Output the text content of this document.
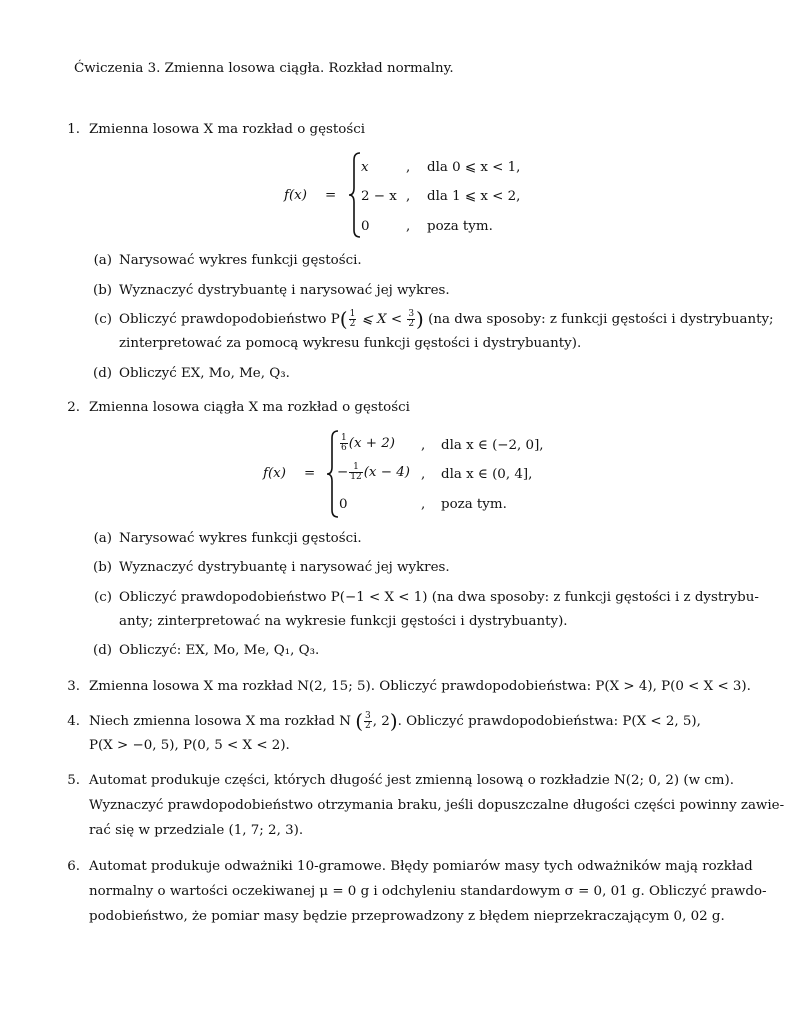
Ćwiczenia 3. Zmienna losowa ciągła. Rozkład normalny.
1. Zmienna losowa X ma rozkład o gęstości
f(x) =
x	, dla 0 ⩽ x < 1,
2 − x , dla 1 ⩽ x < 2,
0	, poza tym.
(a) Narysować wykres funkcji gęstości.
(b) Wyznaczyć dystrybuantę i narysować jej wykres.
(c) Obliczyć prawdopodobieństwo $P( \frac{1}{2}$ ⩽ $X < \frac{3}{2}$ ) (na dwa sposoby: z funkcji gęstości i dystrybuanty;
zinterpretować za pomocą wykresu funkcji gęstości i dystrybuanty).
(d) Obliczyć EX, Mo, Me, Q₃.
2. Zmienna losowa ciągła X ma rozkład o gęstości
f(x) =
$\frac{1}{6} (x + 2)$ , dla x ∈ (−2, 0],
− $\frac{1}{12} (x - 4)$ , dla x ∈ (0, 4],
0	, poza tym.
(a) Narysować wykres funkcji gęstości.
(b) Wyznaczyć dystrybuantę i narysować jej wykres.
(c) Obliczyć prawdopodobieństwo P(−1 < X < 1) (na dwa sposoby: z funkcji gęstości i z dystrybu-
anty; zinterpretować na wykresie funkcji gęstości i dystrybuanty).
(d) Obliczyć: EX, Mo, Me, Q₁, Q₃.
3. Zmienna losowa X ma rozkład N(2, 15; 5). Obliczyć prawdopodobieństwa: P(X > 4), P(0 < X < 3).
4. Niech zmienna losowa X ma rozkład N ( $\frac{3}{2}$ , 2). Obliczyć prawdopodobieństwa: P(X < 2, 5),
P(X > −0, 5), P(0, 5 < X < 2).
5. Automat produkuje części, których długość jest zmienną losową o rozkładzie N(2; 0, 2) (w cm).
Wyznaczyć prawdopodobieństwo otrzymania braku, jeśli dopuszczalne długości części powinny zawie-
rać się w przedziale (1, 7; 2, 3).
6. Automat produkuje odważniki 10-gramowe. Błędy pomiarów masy tych odważników mają rozkład
normalny o wartości oczekiwanej μ = 0 g i odchyleniu standardowym σ = 0, 01 g. Obliczyć prawdo-
podobieństwo, że pomiar masy będzie przeprowadzony z błędem nieprzekraczającym 0, 02 g.
